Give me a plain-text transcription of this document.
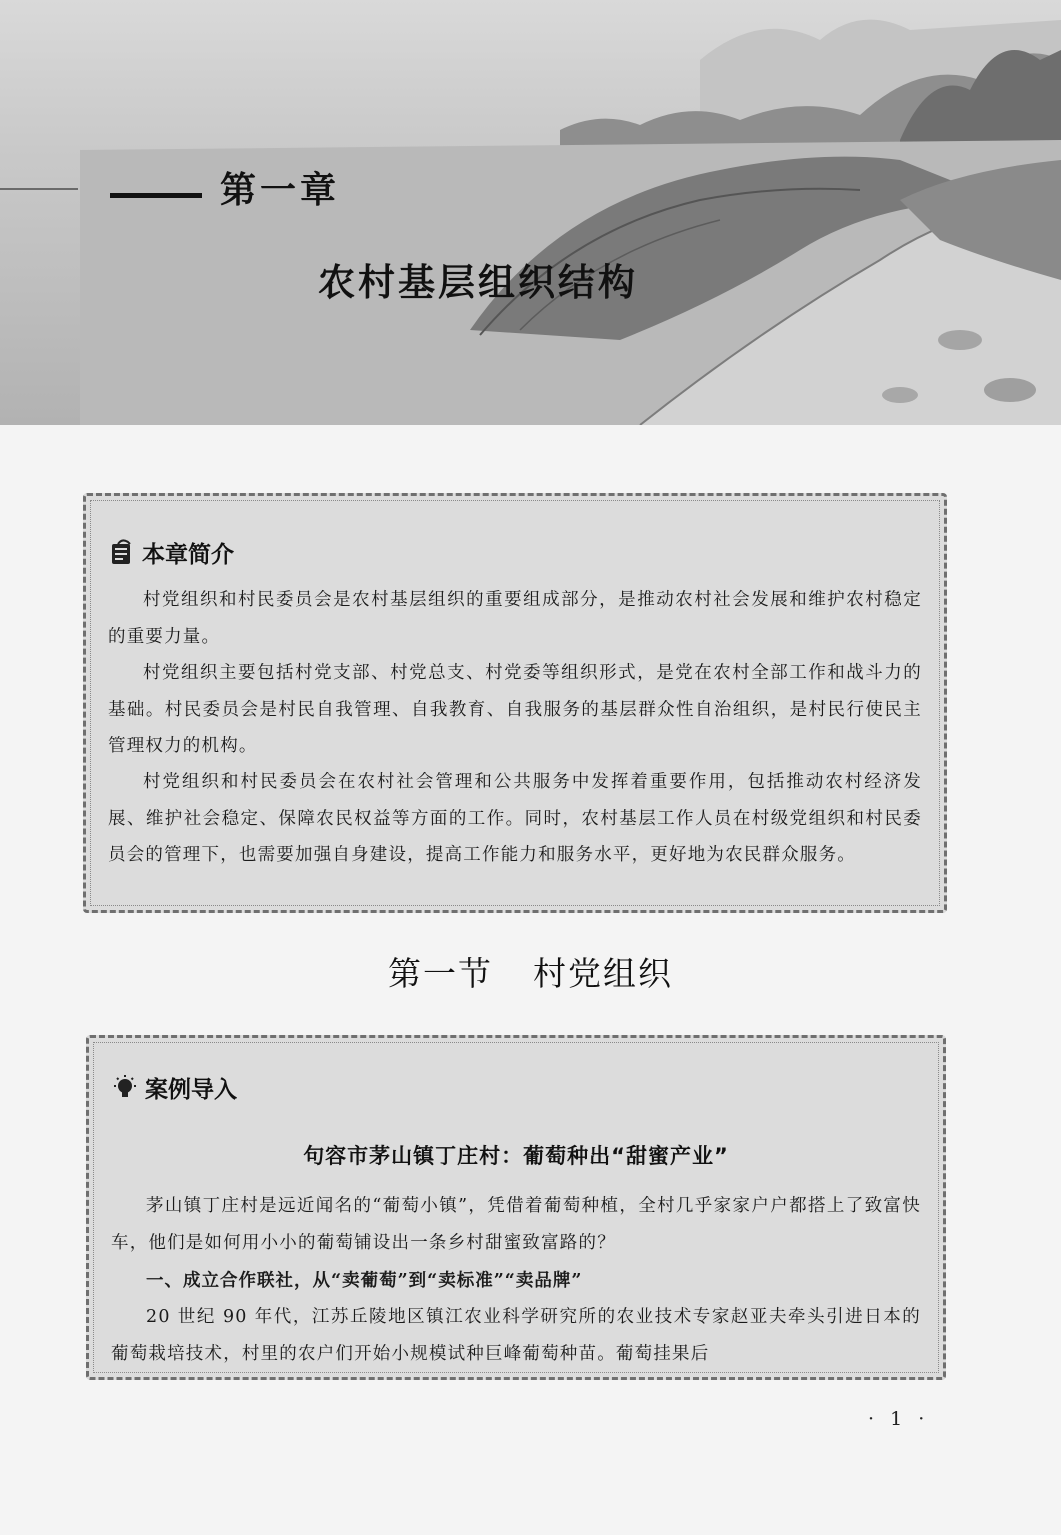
第一章
农村基层组织结构
本章简介

村党组织和村民委员会是农村基层组织的重要组成部分，是推动农村社会发展和维护农村稳定的重要力量。

村党组织主要包括村党支部、村党总支、村党委等组织形式，是党在农村全部工作和战斗力的基础。村民委员会是村民自我管理、自我教育、自我服务的基层群众性自治组织，是村民行使民主管理权力的机构。

村党组织和村民委员会在农村社会管理和公共服务中发挥着重要作用，包括推动农村经济发展、维护社会稳定、保障农民权益等方面的工作。同时，农村基层工作人员在村级党组织和村民委员会的管理下，也需要加强自身建设，提高工作能力和服务水平，更好地为农民群众服务。

第一节 村党组织
案例导入
句容市茅山镇丁庄村：葡萄种出“甜蜜产业”

茅山镇丁庄村是远近闻名的“葡萄小镇”，凭借着葡萄种植，全村几乎家家户户都搭上了致富快车，他们是如何用小小的葡萄铺设出一条乡村甜蜜致富路的？

一、成立合作联社，从“卖葡萄”到“卖标准”“卖品牌”

20 世纪 90 年代，江苏丘陵地区镇江农业科学研究所的农业技术专家赵亚夫牵头引进日本的葡萄栽培技术，村里的农户们开始小规模试种巨峰葡萄种苗。葡萄挂果后

· 1 ·
